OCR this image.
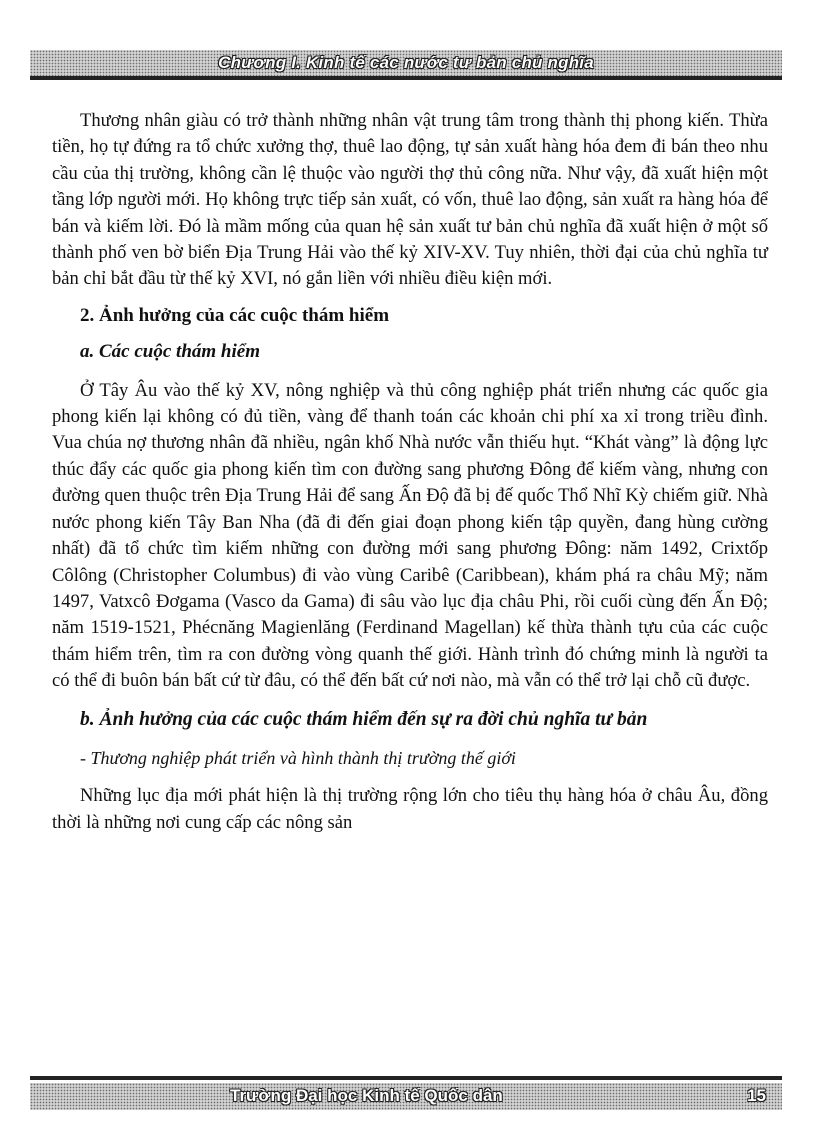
Chương I. Kinh tế các nước tư bản chủ nghĩa

Thương nhân giàu có trở thành những nhân vật trung tâm trong thành thị phong kiến. Thừa tiền, họ tự đứng ra tổ chức xưởng thợ, thuê lao động, tự sản xuất hàng hóa đem đi bán theo nhu cầu của thị trường, không cần lệ thuộc vào người thợ thủ công nữa. Như vậy, đã xuất hiện một tầng lớp người mới. Họ không trực tiếp sản xuất, có vốn, thuê lao động, sản xuất ra hàng hóa để bán và kiếm lời. Đó là mầm mống của quan hệ sản xuất tư bản chủ nghĩa đã xuất hiện ở một số thành phố ven bờ biển Địa Trung Hải vào thế kỷ XIV-XV. Tuy nhiên, thời đại của chủ nghĩa tư bản chỉ bắt đầu từ thế kỷ XVI, nó gắn liền với nhiều điều kiện mới.

2. Ảnh hưởng của các cuộc thám hiểm
a. Các cuộc thám hiểm

Ở Tây Âu vào thế kỷ XV, nông nghiệp và thủ công nghiệp phát triển nhưng các quốc gia phong kiến lại không có đủ tiền, vàng để thanh toán các khoản chi phí xa xỉ trong triều đình. Vua chúa nợ thương nhân đã nhiều, ngân khố Nhà nước vẫn thiếu hụt. “Khát vàng” là động lực thúc đẩy các quốc gia phong kiến tìm con đường sang phương Đông để kiếm vàng, nhưng con đường quen thuộc trên Địa Trung Hải để sang Ấn Độ đã bị đế quốc Thổ Nhĩ Kỳ chiếm giữ. Nhà nước phong kiến Tây Ban Nha (đã đi đến giai đoạn phong kiến tập quyền, đang hùng cường nhất) đã tổ chức tìm kiếm những con đường mới sang phương Đông: năm 1492, Crixtốp Côlông (Christopher Columbus) đi vào vùng Caribê (Caribbean), khám phá ra châu Mỹ; năm 1497, Vatxcô Đơgama (Vasco da Gama) đi sâu vào lục địa châu Phi, rồi cuối cùng đến Ấn Độ; năm 1519-1521, Phécnăng Magienlăng (Ferdinand Magellan) kế thừa thành tựu của các cuộc thám hiểm trên, tìm ra con đường vòng quanh thế giới. Hành trình đó chứng minh là người ta có thể đi buôn bán bất cứ từ đâu, có thể đến bất cứ nơi nào, mà vẫn có thể trở lại chỗ cũ được.

b. Ảnh hưởng của các cuộc thám hiểm đến sự ra đời chủ nghĩa tư bản
- Thương nghiệp phát triển và hình thành thị trường thế giới

Những lục địa mới phát hiện là thị trường rộng lớn cho tiêu thụ hàng hóa ở châu Âu, đồng thời là những nơi cung cấp các nông sản

Trường Đại học Kinh tế Quốc dân	15
